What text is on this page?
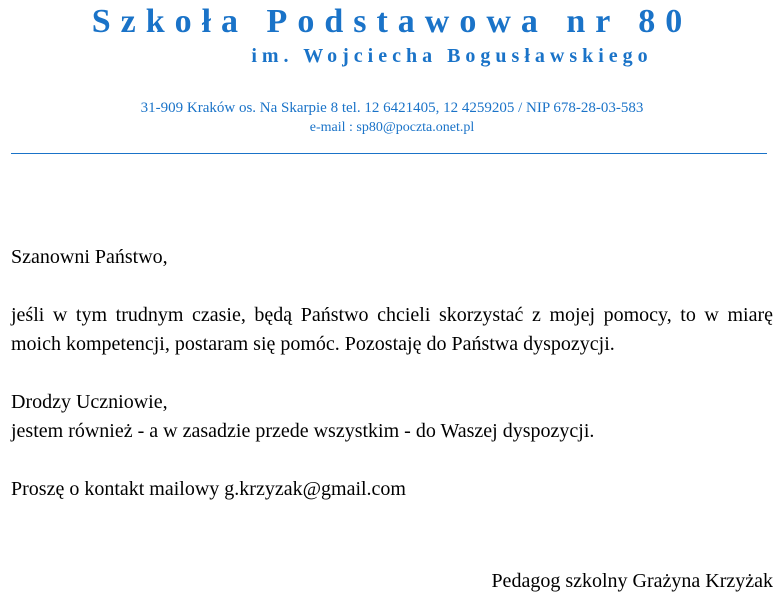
Szkoła Podstawowa nr 80
im. Wojciecha Bogusławskiego
31-909 Kraków os. Na Skarpie 8 tel. 12 6421405, 12 4259205 / NIP 678-28-03-583
e-mail : sp80@poczta.onet.pl

Szanowni Państwo,

jeśli w tym trudnym czasie, będą Państwo chcieli skorzystać z mojej pomocy, to w miarę moich kompetencji, postaram się pomóc. Pozostaję do Państwa dyspozycji.

Drodzy Uczniowie,

jestem również - a w zasadzie przede wszystkim - do Waszej dyspozycji.

Proszę o kontakt mailowy g.krzyzak@gmail.com

Pedagog szkolny Grażyna Krzyżak
